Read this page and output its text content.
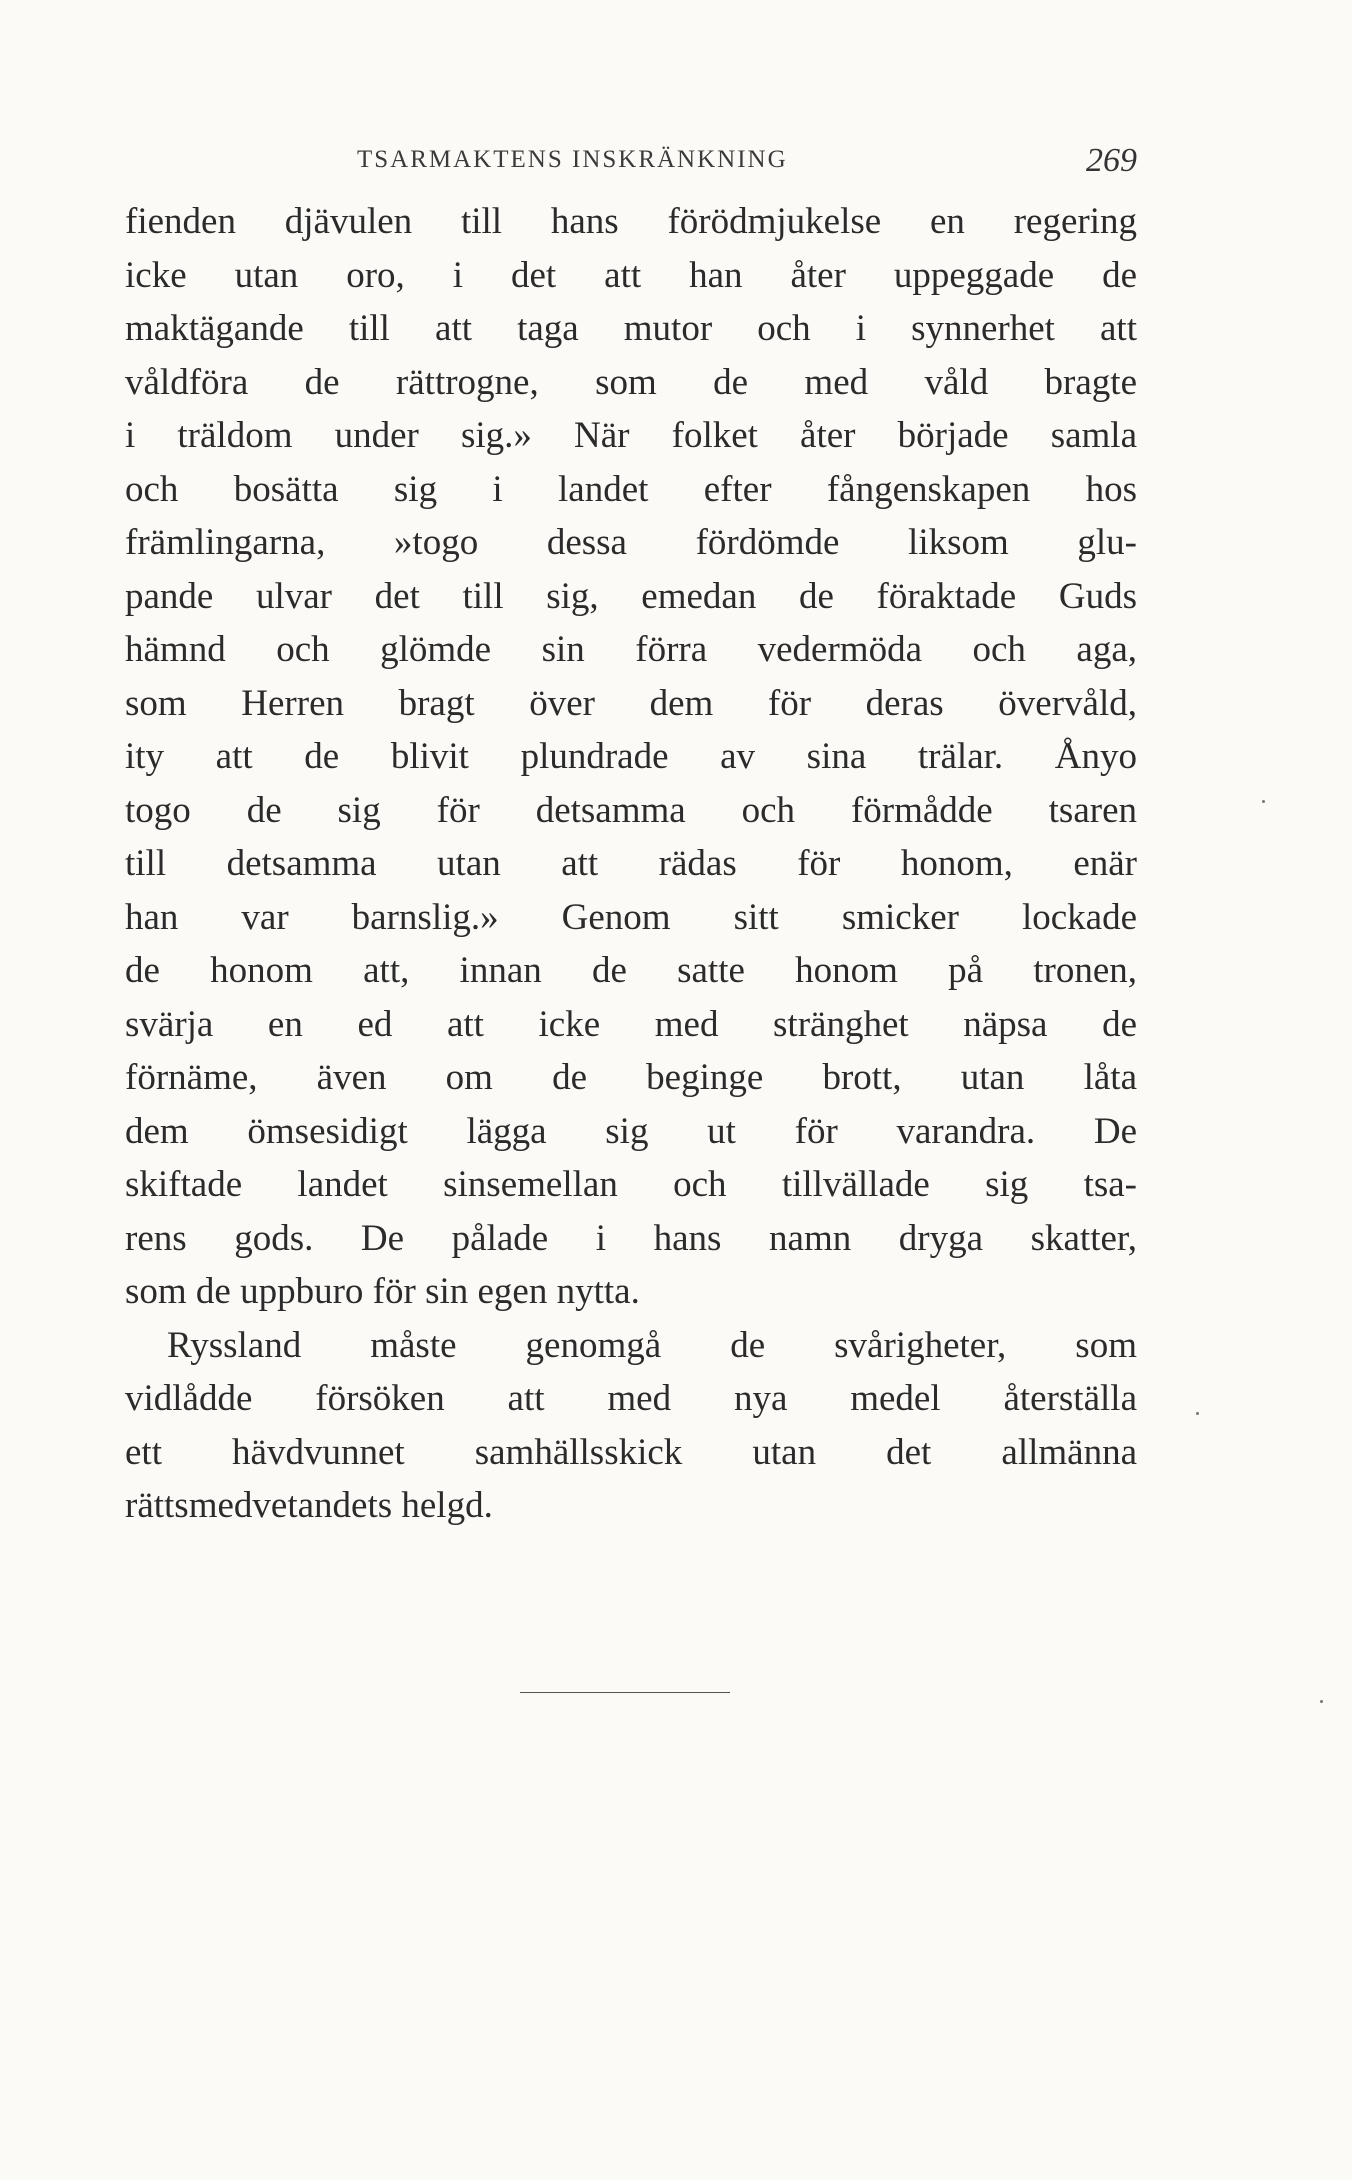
TSARMAKTENS INSKRÄNKNING	269
fienden djävulen till hans förödmjukelse en regering
icke utan oro, i det att han åter uppeggade de
maktägande till att taga mutor och i synnerhet att
våldföra de rättrogne, som de med våld bragte
i träldom under sig.» När folket åter började samla
och bosätta sig i landet efter fångenskapen hos
främlingarna, »togo dessa fördömde liksom glu-
pande ulvar det till sig, emedan de föraktade Guds
hämnd och glömde sin förra vedermöda och aga,
som Herren bragt över dem för deras övervåld,
ity att de blivit plundrade av sina trälar. Ånyo
togo de sig för detsamma och förmådde tsaren
till detsamma utan att rädas för honom, enär
han var barnslig.» Genom sitt smicker lockade
de honom att, innan de satte honom på tronen,
svärja en ed att icke med stränghet näpsa de
förnäme, även om de beginge brott, utan låta
dem ömsesidigt lägga sig ut för varandra. De
skiftade landet sinsemellan och tillvällade sig tsa-
rens gods. De pålade i hans namn dryga skatter,
som de uppburo för sin egen nytta.
Ryssland måste genomgå de svårigheter, som
vidlådde försöken att med nya medel återställa
ett hävdvunnet samhällsskick utan det allmänna
rättsmedvetandets helgd.
